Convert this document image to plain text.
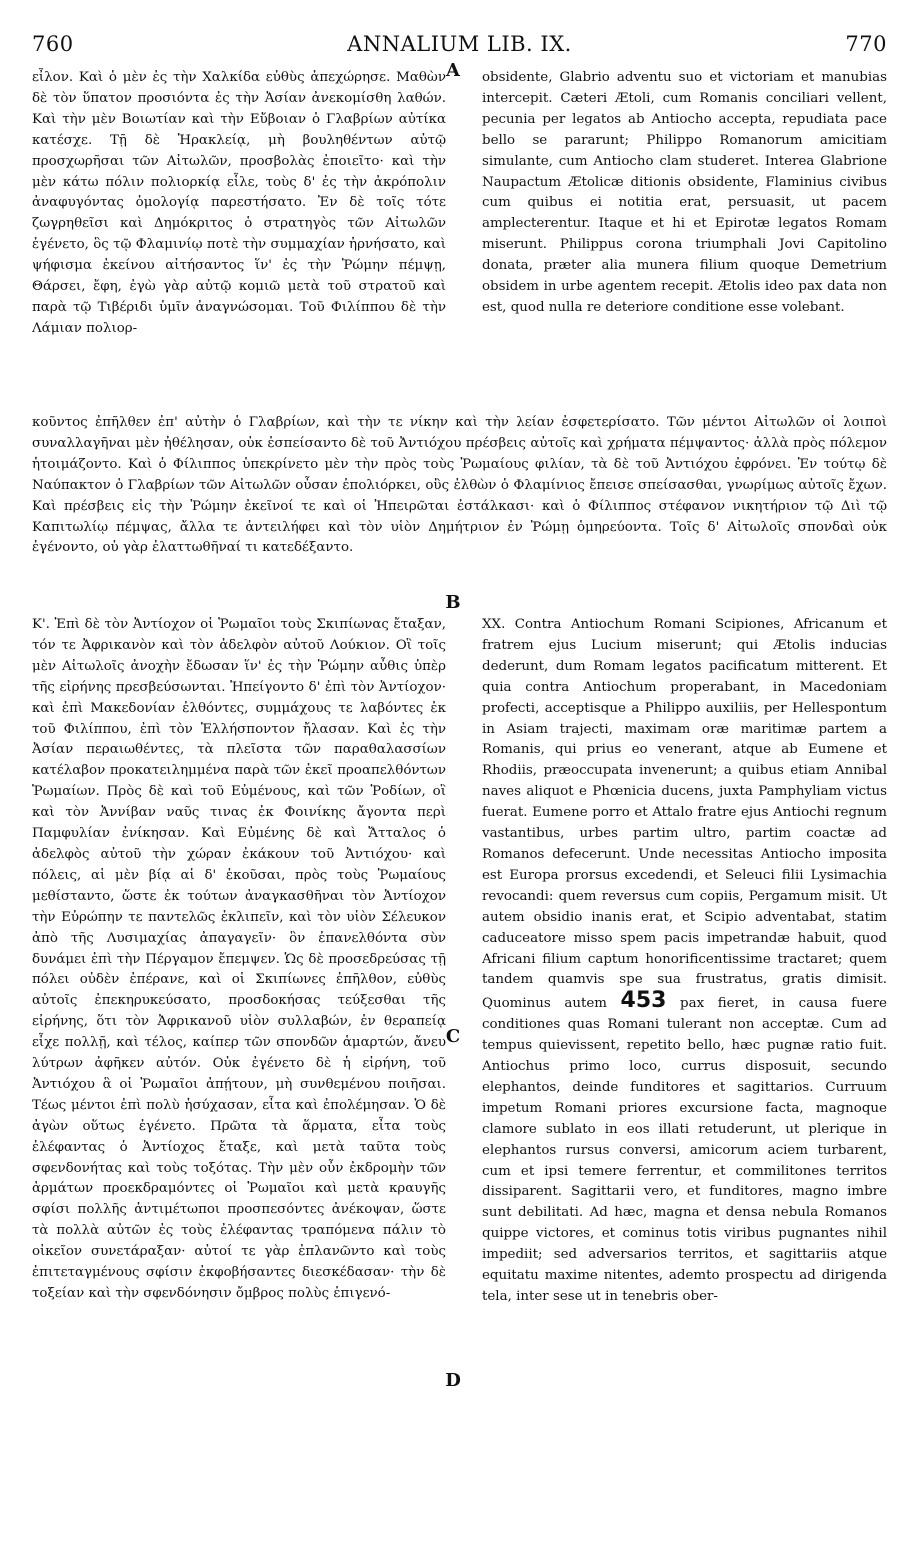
760	ANNALIUM LIB. IX.	770
A
B
C
D

εἶλον. Καὶ ὁ μὲν ἐς τὴν Χαλκίδα εὐθὺς ἀπεχώρησε. Μαθὼν δὲ τὸν ὕπατον προσιόντα ἐς τὴν Ἀσίαν ἀνεκομίσθη λαθών. Καὶ τὴν μὲν Βοιωτίαν καὶ τὴν Εὔβοιαν ὁ Γλαβρίων αὐτίκα κατέσχε. Τῇ δὲ Ἡρακλείᾳ, μὴ βουληθέντων αὐτῷ προσχωρῆσαι τῶν Αἰτωλῶν, προσβολὰς ἐποιεῖτο· καὶ τὴν μὲν κάτω πόλιν πολιορκίᾳ εἷλε, τοὺς δ' ἐς τὴν ἀκρόπολιν ἀναφυγόντας ὁμολογίᾳ παρεστήσατο. Ἐν δὲ τοῖς τότε ζωγρηθεῖσι καὶ Δημόκριτος ὁ στρατηγὸς τῶν Αἰτωλῶν ἐγένετο, ὃς τῷ Φλαμινίῳ ποτὲ τὴν συμμαχίαν ἠρνήσατο, καὶ ψήφισμα ἐκείνου αἰτήσαντος ἵν' ἐς τὴν Ῥώμην πέμψῃ, Θάρσει, ἔφη, ἐγὼ γὰρ αὐτῷ κομιῶ μετὰ τοῦ στρατοῦ καὶ παρὰ τῷ Τιβέριδι ὑμῖν ἀναγνώσομαι. Τοῦ Φιλίππου δὲ τὴν Λάμιαν πολιορ-

obsidente, Glabrio adventu suo et victoriam et manubias intercepit. Cæteri Ætoli, cum Romanis conciliari vellent, pecunia per legatos ab Antiocho accepta, repudiata pace bello se pararunt; Philippo Romanorum amicitiam simulante, cum Antiocho clam studeret. Interea Glabrione Naupactum Ætolicæ ditionis obsidente, Flaminius civibus cum quibus ei notitia erat, persuasit, ut pacem amplecterentur. Itaque et hi et Epirotæ legatos Romam miserunt. Philippus corona triumphali Jovi Capitolino donata, præter alia munera filium quoque Demetrium obsidem in urbe agentem recepit. Ætolis ideo pax data non est, quod nulla re deteriore conditione esse volebant.

κοῦντος ἐπῆλθεν ἐπ' αὐτὴν ὁ Γλαβρίων, καὶ τὴν τε νίκην καὶ τὴν λείαν ἐσφετερίσατο. Τῶν μέντοι Αἰτωλῶν οἱ λοιποὶ συναλλαγῆναι μὲν ἠθέλησαν, οὐκ ἐσπείσαντο δὲ τοῦ Ἀντιόχου πρέσβεις αὐτοῖς καὶ χρήματα πέμψαντος· ἀλλὰ πρὸς πόλεμον ἡτοιμάζοντο. Καὶ ὁ Φίλιππος ὑπεκρίνετο μὲν τὴν πρὸς τοὺς Ῥωμαίους φιλίαν, τὰ δὲ τοῦ Ἀντιόχου ἐφρόνει. Ἐν τούτῳ δὲ Ναύπακτον ὁ Γλαβρίων τῶν Αἰτωλῶν οὖσαν ἐπολιόρκει, οὓς ἐλθὼν ὁ Φλαμίνιος ἔπεισε σπείσασθαι, γνωρίμως αὐτοῖς ἔχων. Καὶ πρέσβεις εἰς τὴν Ῥώμην ἐκεῖνοί τε καὶ οἱ Ἠπειρῶται ἐστάλκασι· καὶ ὁ Φίλιππος στέφανον νικητήριον τῷ Διὶ τῷ Καπιτωλίῳ πέμψας, ἄλλα τε ἀντειλήφει καὶ τὸν υἱὸν Δημήτριον ἐν Ῥώμῃ ὁμηρεύοντα. Τοῖς δ' Αἰτωλοῖς σπονδαὶ οὐκ ἐγένοντο, οὐ γὰρ ἐλαττωθῆναί τι κατεδέξαντο.

Κ'. Ἐπὶ δὲ τὸν Ἀντίοχον οἱ Ῥωμαῖοι τοὺς Σκιπίωνας ἔταξαν, τόν τε Ἀφρικανὸν καὶ τὸν ἀδελφὸν αὐτοῦ Λούκιον. Οἳ τοῖς μὲν Αἰτωλοῖς ἀνοχὴν ἔδωσαν ἵν' ἐς τὴν Ῥώμην αὖθις ὑπὲρ τῆς εἰρήνης πρεσβεύσωνται. Ἠπείγοντο δ' ἐπὶ τὸν Ἀντίοχον· καὶ ἐπὶ Μακεδονίαν ἐλθόντες, συμμάχους τε λαβόντες ἐκ τοῦ Φιλίππου, ἐπὶ τὸν Ἑλλήσποντον ἤλασαν. Καὶ ἐς τὴν Ἀσίαν περαιωθέντες, τὰ πλεῖστα τῶν παραθαλασσίων κατέλαβον προκατειλημμένα παρὰ τῶν ἐκεῖ προαπελθόντων Ῥωμαίων. Πρὸς δὲ καὶ τοῦ Εὐμένους, καὶ τῶν Ῥοδίων, οἳ καὶ τὸν Ἀννίβαν ναῦς τινας ἐκ Φοινίκης ἄγοντα περὶ Παμφυλίαν ἐνίκησαν. Καὶ Εὐμένης δὲ καὶ Ἄτταλος ὁ ἀδελφὸς αὐτοῦ τὴν χώραν ἐκάκουν τοῦ Ἀντιόχου· καὶ πόλεις, αἱ μὲν βίᾳ αἱ δ' ἑκοῦσαι, πρὸς τοὺς Ῥωμαίους μεθίσταντο, ὥστε ἐκ τούτων ἀναγκασθῆναι τὸν Ἀντίοχον τὴν Εὐρώπην τε παντελῶς ἐκλιπεῖν, καὶ τὸν υἱὸν Σέλευκον ἀπὸ τῆς Λυσιμαχίας ἀπαγαγεῖν· ὃν ἐπανελθόντα σὺν δυνάμει ἐπὶ τὴν Πέργαμον ἔπεμψεν. Ὡς δὲ προσεδρεύσας τῇ πόλει οὐδὲν ἐπέρανε, καὶ οἱ Σκιπίωνες ἐπῆλθον, εὐθὺς αὐτοῖς ἐπεκηρυκεύσατο, προσδοκήσας τεύξεσθαι τῆς εἰρήνης, ὅτι τὸν Ἀφρικανοῦ υἱὸν συλλαβών, ἐν θεραπείᾳ εἶχε πολλῇ, καὶ τέλος, καίπερ τῶν σπονδῶν ἁμαρτών, ἄνευ λύτρων ἀφῆκεν αὐτόν. Οὐκ ἐγένετο δὲ ἡ εἰρήνη, τοῦ Ἀντιόχου ἃ οἱ Ῥωμαῖοι ἀπῄτουν, μὴ συνθεμένου ποιῆσαι. Τέως μέντοι ἐπὶ πολὺ ἡσύχασαν, εἶτα καὶ ἐπολέμησαν. Ὁ δὲ ἀγὼν οὕτως ἐγένετο. Πρῶτα τὰ ἅρματα, εἶτα τοὺς ἐλέφαντας ὁ Ἀντίοχος ἔταξε, καὶ μετὰ ταῦτα τοὺς σφενδονήτας καὶ τοὺς τοξότας. Τὴν μὲν οὖν ἐκδρομὴν τῶν ἁρμάτων προεκδραμόντες οἱ Ῥωμαῖοι καὶ μετὰ κραυγῆς σφίσι πολλῆς ἀντιμέτωποι προσπεσόντες ἀνέκοψαν, ὥστε τὰ πολλὰ αὐτῶν ἐς τοὺς ἐλέφαντας τραπόμενα πάλιν τὸ οἰκεῖον συνετάραξαν· αὐτοί τε γὰρ ἐπλανῶντο καὶ τοὺς ἐπιτεταγμένους σφίσιν ἐκφοβήσαντες διεσκέδασαν· τὴν δὲ τοξείαν καὶ τὴν σφενδόνησιν ὄμβρος πολὺς ἐπιγενό-

XX. Contra Antiochum Romani Scipiones, Africanum et fratrem ejus Lucium miserunt; qui Ætolis inducias dederunt, dum Romam legatos pacificatum mitterent. Et quia contra Antiochum properabant, in Macedoniam profecti, acceptisque a Philippo auxiliis, per Hellespontum in Asiam trajecti, maximam oræ maritimæ partem a Romanis, qui prius eo venerant, atque ab Eumene et Rhodiis, præoccupata invenerunt; a quibus etiam Annibal naves aliquot e Phœnicia ducens, juxta Pamphyliam victus fuerat. Eumene porro et Attalo fratre ejus Antiochi regnum vastantibus, urbes partim ultro, partim coactæ ad Romanos defecerunt. Unde necessitas Antiocho imposita est Europa prorsus excedendi, et Seleuci filii Lysimachia revocandi: quem reversus cum copiis, Pergamum misit. Ut autem obsidio inanis erat, et Scipio adventabat, statim caduceatore misso spem pacis impetrandæ habuit, quod Africani filium captum honorificentissime tractaret; quem tandem quamvis spe sua frustratus, gratis dimisit. Quominus autem 453 pax fieret, in causa fuere conditiones quas Romani tulerant non acceptæ. Cum ad tempus quievissent, repetito bello, hæc pugnæ ratio fuit. Antiochus primo loco, currus disposuit, secundo elephantos, deinde funditores et sagittarios. Curruum impetum Romani priores excursione facta, magnoque clamore sublato in eos illati retuderunt, ut plerique in elephantos rursus conversi, amicorum aciem turbarent, cum et ipsi temere ferrentur, et commilitones territos dissiparent. Sagittarii vero, et funditores, magno imbre sunt debilitati. Ad hæc, magna et densa nebula Romanos quippe victores, et cominus totis viribus pugnantes nihil impediit; sed adversarios territos, et sagittariis atque equitatu maxime nitentes, ademto prospectu ad dirigenda tela, inter sese ut in tenebris ober-
